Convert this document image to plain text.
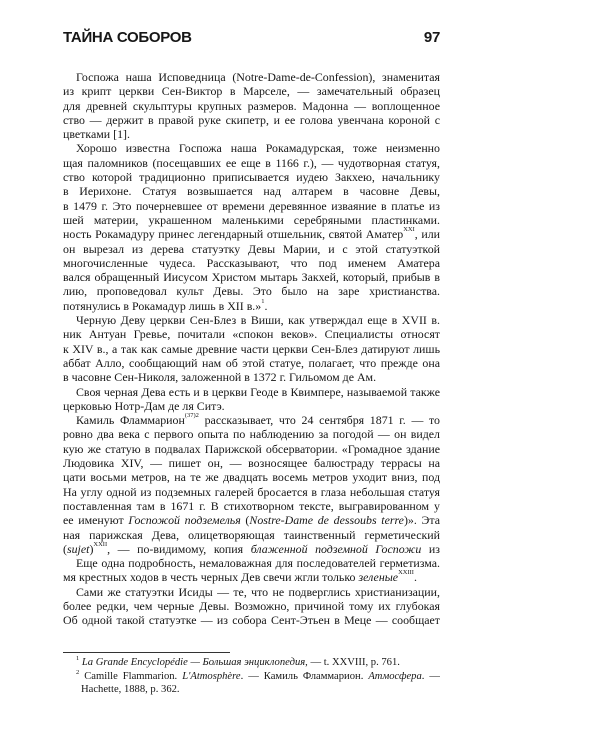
ТАЙНА СОБОРОВ	97
Госпожа наша Исповедница (Notre-Dame-de-Confession), знаменитая
из крипт церкви Сен-Виктор в Марселе, — замечательный образец
для древней скульптуры крупных размеров. Мадонна — воплощенное
ство — держит в правой руке скипетр, и ее голова увенчана короной с
цветками [1].
Хорошо известна Госпожа наша Рокамадурская, тоже неизменно
щая паломников (посещавших ее еще в 1166 г.), — чудотворная статуя,
ство которой традиционно приписывается иудею Закхею, начальнику
в Иерихоне. Статуя возвышается над алтарем в часовне Девы,
в 1479 г. Это почерневшее от времени деревянное изваяние в платье из
шей материи, украшенном маленькими серебряными пластинками.
ность Рокамадуру принес легендарный отшельник, святой Аматер$^{XXI}$, или
он вырезал из дерева статуэтку Девы Марии, и с этой статуэткой
многочисленные чудеса. Рассказывают, что под именем Аматера
вался обращенный Иисусом Христом мытарь Закхей, который, прибыв в
лию, проповедовал культ Девы. Это было на заре христианства.
потянулись в Рокамадур лишь в XII в.»$^1$.
Черную Деву церкви Сен-Блез в Виши, как утверждал еще в XVII в.
ник Антуан Гревье, почитали «спокон веков». Специалисты относят
к XIV в., а так как самые древние части церкви Сен-Блез датируют лишь
аббат Алло, сообщающий нам об этой статуе, полагает, что прежде она
в часовне Сен-Николя, заложенной в 1372 г. Гильомом де Ам.
Своя черная Дева есть и в церкви Геоде в Квимпере, называемой также
церковью Нотр-Дам де ля Ситэ.
Камиль Фламмарион$^{(37)2}$ рассказывает, что 24 сентября 1871 г. — то
ровно два века с первого опыта по наблюдению за погодой — он видел
кую же статую в подвалах Парижской обсерватории. «Громадное здание
Людовика XIV, — пишет он, — возносящее балюстраду террасы на
цати восьми метров, на те же двадцать восемь метров уходит вниз, под
На углу одной из подземных галерей бросается в глаза небольшая статуя
поставленная там в 1671 г. В стихотворном тексте, выгравированном у
ее именуют Госпожой подземелья (Nostre-Dame de dessoubs terre)». Эта
ная парижская Дева, олицетворяющая таинственный герметический
(sujet)$^{XXII}$, — по-видимому, копия блаженной подземной Госпожи из
Еще одна подробность, немаловажная для последователей герметизма.
мя крестных ходов в честь черных Дев свечи жгли только зеленые$^{XXIII}$.
Сами же статуэтки Исиды — те, что не подверглись христианизации,
более редки, чем черные Девы. Возможно, причиной тому их глубокая
Об одной такой статуэтке — из собора Сент-Этьен в Меце — сообщает
$^1$ La Grande Encyclopédie — Большая энциклопедия, — t. XXVIII, p. 761.
$^2$ Camille Flammarion. L'Atmosphère. — Камиль Фламмарион. Атмосфера. —
Hachette, 1888, p. 362.
